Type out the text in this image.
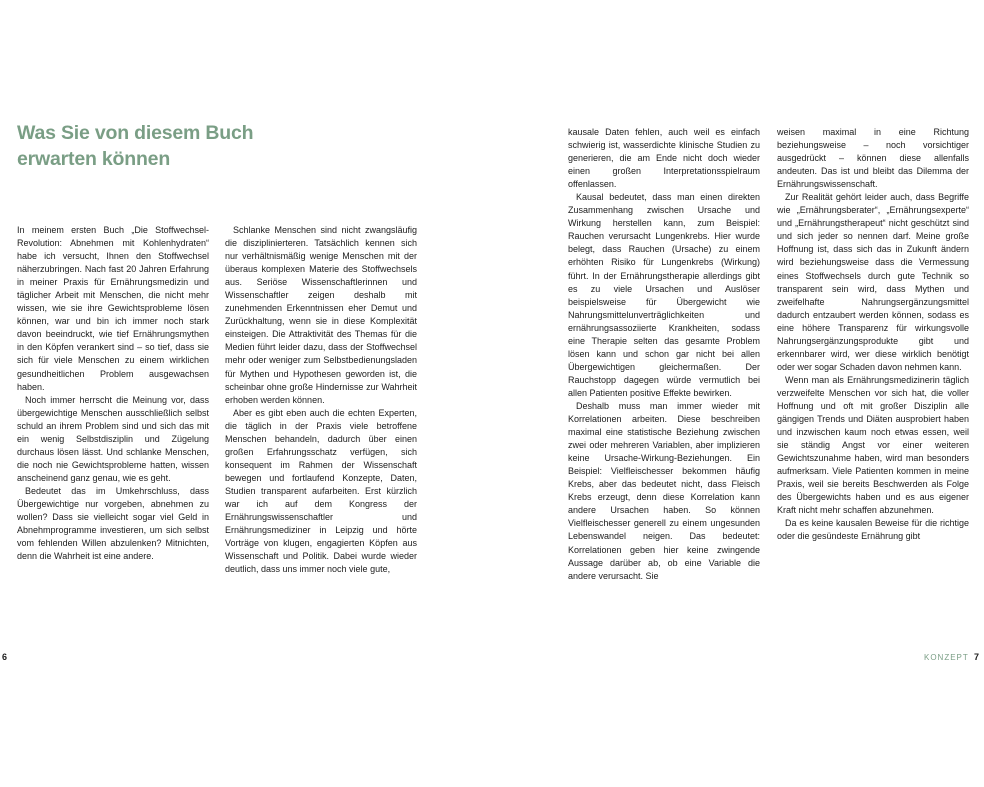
Was Sie von diesem Buch
erwarten können

In meinem ersten Buch „Die Stoffwechsel-Revolution: Abnehmen mit Kohlenhydraten“ habe ich versucht, Ihnen den Stoffwechsel näherzubringen. Nach fast 20 Jahren Erfahrung in meiner Praxis für Ernährungsmedizin und täglicher Arbeit mit Menschen, die nicht mehr wissen, wie sie ihre Gewichtsprobleme lösen können, war und bin ich immer noch stark davon beeindruckt, wie tief Ernährungsmythen in den Köpfen verankert sind – so tief, dass sie sich für viele Menschen zu einem wirklichen gesundheitlichen Problem ausgewachsen haben.

Noch immer herrscht die Meinung vor, dass übergewichtige Menschen ausschließlich selbst schuld an ihrem Problem sind und sich das mit ein wenig Selbstdisziplin und Zügelung durchaus lösen lässt. Und schlanke Menschen, die noch nie Gewichtsprobleme hatten, wissen anscheinend ganz genau, wie es geht.

Bedeutet das im Umkehrschluss, dass Übergewichtige nur vorgeben, abnehmen zu wollen? Dass sie vielleicht sogar viel Geld in Abnehmprogramme investieren, um sich selbst vom fehlenden Willen abzulenken? Mitnichten, denn die Wahrheit ist eine andere.

Schlanke Menschen sind nicht zwangsläufig die disziplinierteren. Tatsächlich kennen sich nur verhältnismäßig wenige Menschen mit der überaus komplexen Materie des Stoffwechsels aus. Seriöse Wissenschaftlerinnen und Wissenschaftler zeigen deshalb mit zunehmenden Erkenntnissen eher Demut und Zurückhaltung, wenn sie in diese Komplexität einsteigen. Die Attraktivität des Themas für die Medien führt leider dazu, dass der Stoffwechsel mehr oder weniger zum Selbstbedienungsladen für Mythen und Hypothesen geworden ist, die scheinbar ohne große Hindernisse zur Wahrheit erhoben werden können.

Aber es gibt eben auch die echten Experten, die täglich in der Praxis viele betroffene Menschen behandeln, dadurch über einen großen Erfahrungsschatz verfügen, sich konsequent im Rahmen der Wissenschaft bewegen und fortlaufend Konzepte, Daten, Studien transparent aufarbeiten. Erst kürzlich war ich auf dem Kongress der Ernährungswissenschaftler und Ernährungsmediziner in Leipzig und hörte Vorträge von klugen, engagierten Köpfen aus Wissenschaft und Politik. Dabei wurde wieder deutlich, dass uns immer noch viele gute,

kausale Daten fehlen, auch weil es einfach schwierig ist, wasserdichte klinische Studien zu generieren, die am Ende nicht doch wieder einen großen Interpretationsspielraum offenlassen.

Kausal bedeutet, dass man einen direkten Zusammenhang zwischen Ursache und Wirkung herstellen kann, zum Beispiel: Rauchen verursacht Lungenkrebs. Hier wurde belegt, dass Rauchen (Ursache) zu einem erhöhten Risiko für Lungenkrebs (Wirkung) führt. In der Ernährungstherapie allerdings gibt es zu viele Ursachen und Auslöser beispielsweise für Übergewicht wie Nahrungsmittelunverträglichkeiten und ernährungsassoziierte Krankheiten, sodass eine Therapie selten das gesamte Problem lösen kann und schon gar nicht bei allen Übergewichtigen gleichermaßen. Der Rauchstopp dagegen würde vermutlich bei allen Patienten positive Effekte bewirken.

Deshalb muss man immer wieder mit Korrelationen arbeiten. Diese beschreiben maximal eine statistische Beziehung zwischen zwei oder mehreren Variablen, aber implizieren keine Ursache-Wirkung-Beziehungen. Ein Beispiel: Vielfleischesser bekommen häufig Krebs, aber das bedeutet nicht, dass Fleisch Krebs erzeugt, denn diese Korrelation kann andere Ursachen haben. So können Vielfleischesser generell zu einem ungesunden Lebenswandel neigen. Das bedeutet: Korrelationen geben hier keine zwingende Aussage darüber ab, ob eine Variable die andere verursacht. Sie

weisen maximal in eine Richtung beziehungsweise – noch vorsichtiger ausgedrückt – können diese allenfalls andeuten. Das ist und bleibt das Dilemma der Ernährungswissenschaft.

Zur Realität gehört leider auch, dass Begriffe wie „Ernährungsberater“, „Ernährungsexperte“ und „Ernährungstherapeut“ nicht geschützt sind und sich jeder so nennen darf. Meine große Hoffnung ist, dass sich das in Zukunft ändern wird beziehungsweise dass die Vermessung eines Stoffwechsels durch gute Technik so transparent sein wird, dass Mythen und zweifelhafte Nahrungsergänzungsmittel dadurch entzaubert werden können, sodass es eine höhere Transparenz für wirkungsvolle Nahrungsergänzungsprodukte gibt und erkennbarer wird, wer diese wirklich benötigt oder wer sogar Schaden davon nehmen kann.

Wenn man als Ernährungsmedizinerin täglich verzweifelte Menschen vor sich hat, die voller Hoffnung und oft mit großer Disziplin alle gängigen Trends und Diäten ausprobiert haben und inzwischen kaum noch etwas essen, weil sie ständig Angst vor einer weiteren Gewichtszunahme haben, wird man besonders aufmerksam. Viele Patienten kommen in meine Praxis, weil sie bereits Beschwerden als Folge des Übergewichts haben und es aus eigener Kraft nicht mehr schaffen abzunehmen.

Da es keine kausalen Beweise für die richtige oder die gesündeste Ernährung gibt

6	KONZEPT 7
